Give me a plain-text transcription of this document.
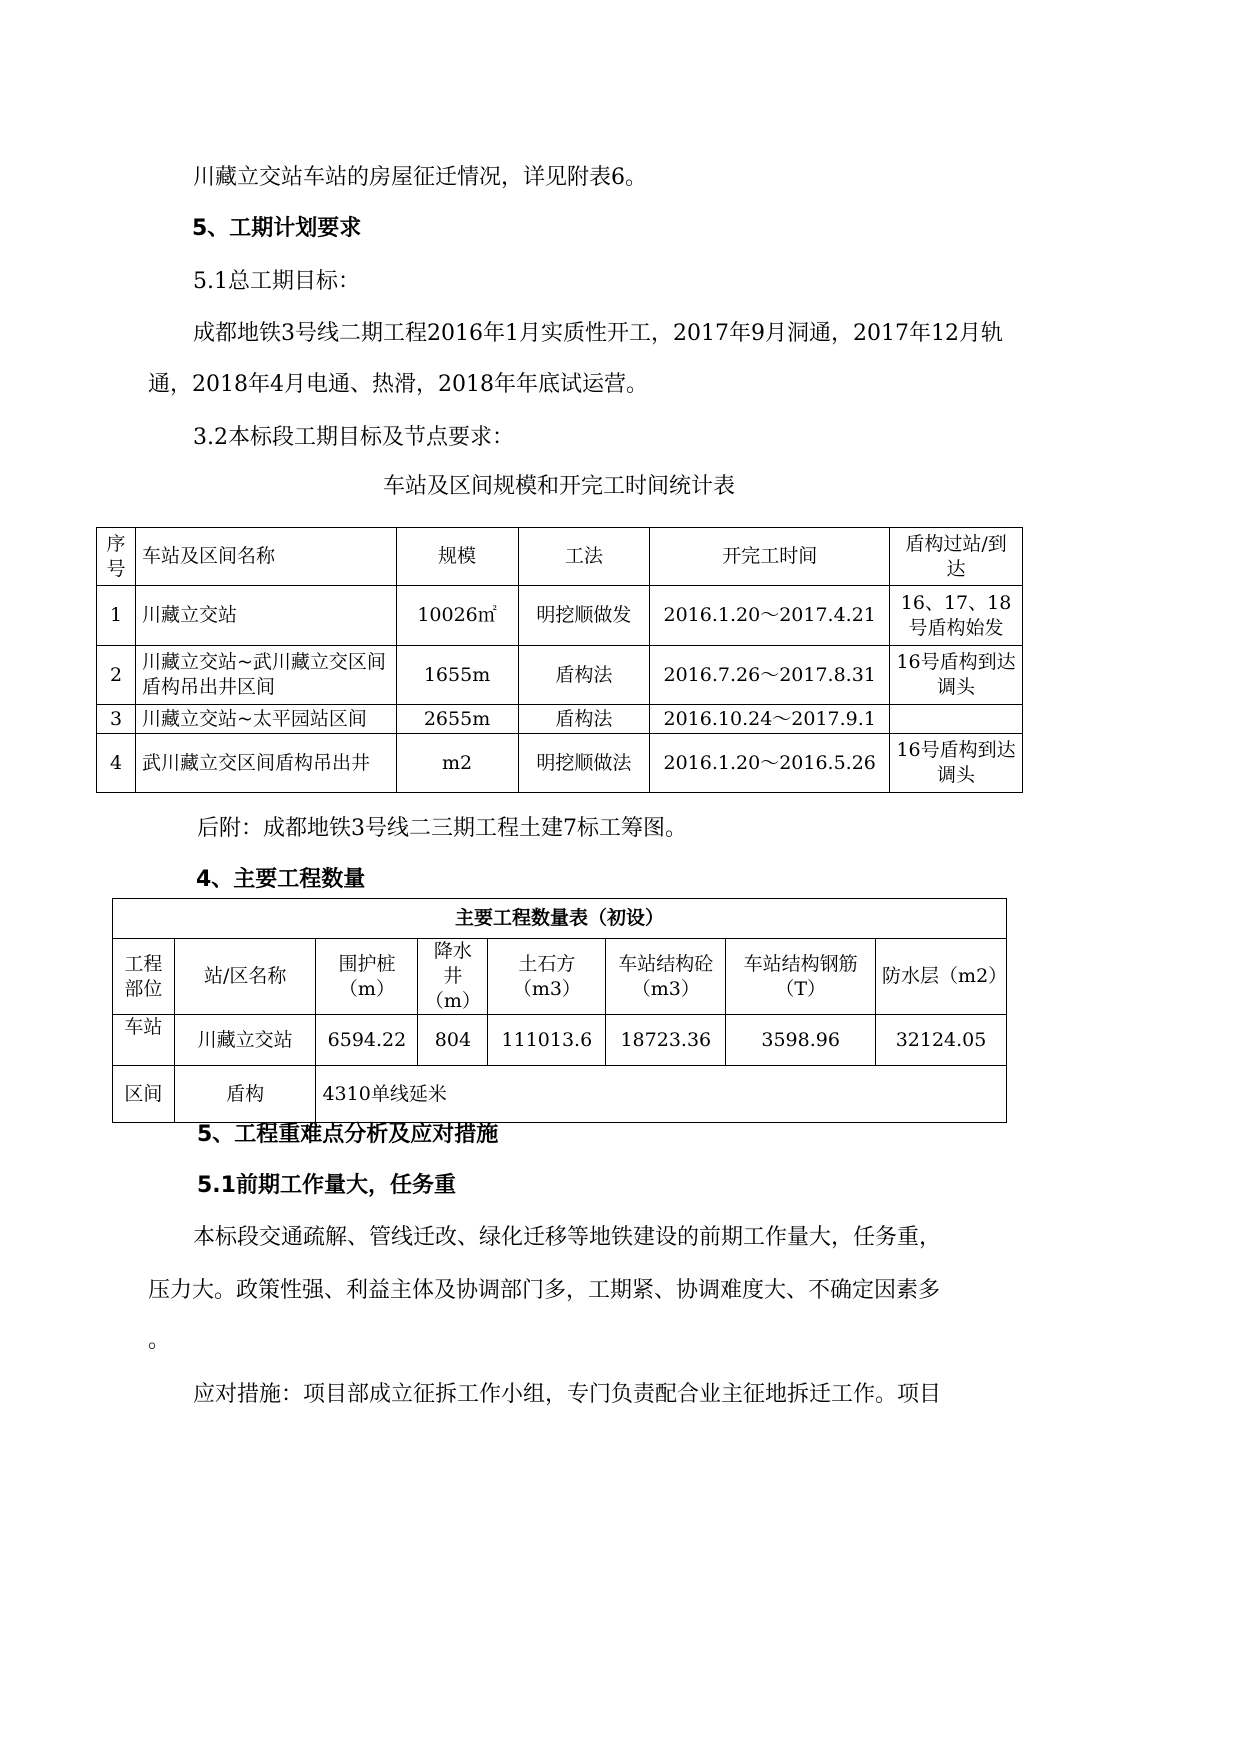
川藏立交站车站的房屋征迁情况，详见附表6。
5、工期计划要求
5.1总工期目标：
成都地铁3号线二期工程2016年1月实质性开工，2017年9月洞通，2017年12月轨
通，2018年4月电通、热滑，2018年年底试运营。
3.2本标段工期目标及节点要求：
车站及区间规模和开完工时间统计表
序号	车站及区间名称	规模	工法	开完工时间	盾构过站/到达
1	川藏立交站	10026㎡	明挖顺做发	2016.1.20～2017.4.21	16、17、18号盾构始发
2	川藏立交站~武川藏立交区间盾构吊出井区间	1655m	盾构法	2016.7.26～2017.8.31	16号盾构到达调头
3	川藏立交站~太平园站区间	2655m	盾构法	2016.10.24～2017.9.1	
4	武川藏立交区间盾构吊出井	m2	明挖顺做法	2016.1.20～2016.5.26	16号盾构到达调头
后附：成都地铁3号线二三期工程土建7标工筹图。
4、主要工程数量
主要工程数量表（初设）							
工程部位	站/区名称	围护桩（m）	降水井（m）	土石方（m3）	车站结构砼（m3）	车站结构钢筋（T）	防水层（m2）
车站	川藏立交站	6594.22	804	111013.6	18723.36	3598.96	32124.05
区间	盾构	4310单线延米					
5、工程重难点分析及应对措施
5.1前期工作量大，任务重
本标段交通疏解、管线迁改、绿化迁移等地铁建设的前期工作量大，任务重，
压力大。政策性强、利益主体及协调部门多，工期紧、协调难度大、不确定因素多
。
应对措施：项目部成立征拆工作小组，专门负责配合业主征地拆迁工作。项目
